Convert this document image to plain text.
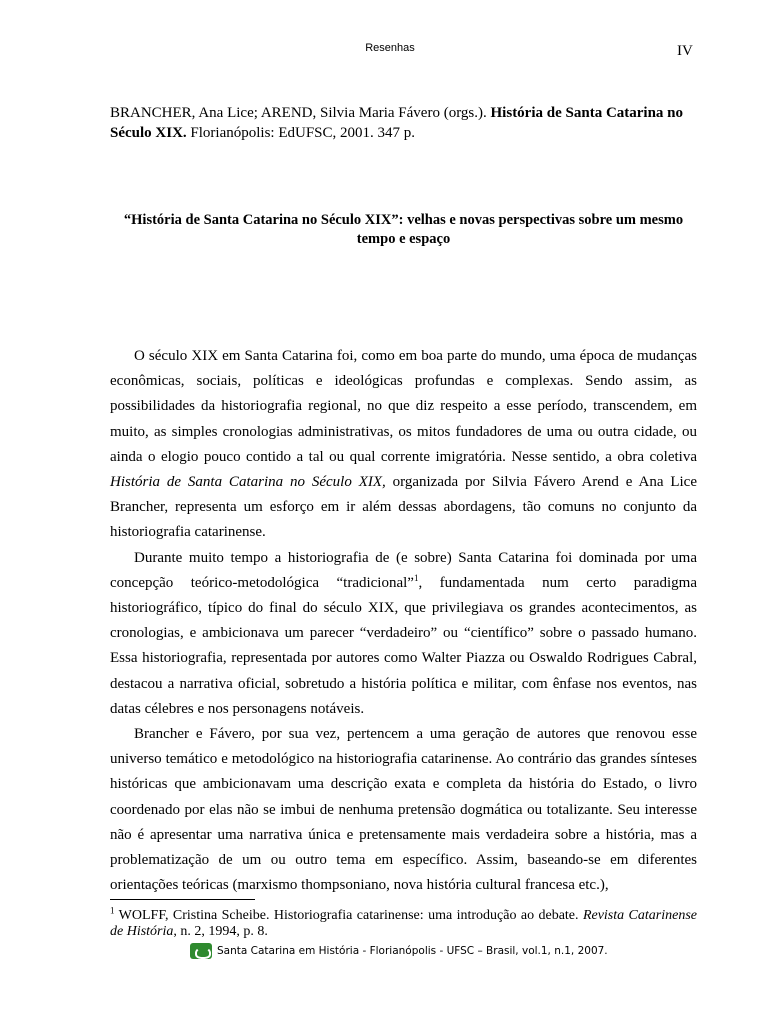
Resenhas	IV
BRANCHER, Ana Lice; AREND, Silvia Maria Fávero (orgs.). História de Santa Catarina no Século XIX. Florianópolis: EdUFSC, 2001. 347 p.
“História de Santa Catarina no Século XIX”: velhas e novas perspectivas sobre um mesmo tempo e espaço

O século XIX em Santa Catarina foi, como em boa parte do mundo, uma época de mudanças econômicas, sociais, políticas e ideológicas profundas e complexas. Sendo assim, as possibilidades da historiografia regional, no que diz respeito a esse período, transcendem, em muito, as simples cronologias administrativas, os mitos fundadores de uma ou outra cidade, ou ainda o elogio pouco contido a tal ou qual corrente imigratória. Nesse sentido, a obra coletiva História de Santa Catarina no Século XIX, organizada por Silvia Fávero Arend e Ana Lice Brancher, representa um esforço em ir além dessas abordagens, tão comuns no conjunto da historiografia catarinense.

Durante muito tempo a historiografia de (e sobre) Santa Catarina foi dominada por uma concepção teórico-metodológica “tradicional”$^1$, fundamentada num certo paradigma historiográfico, típico do final do século XIX, que privilegiava os grandes acontecimentos, as cronologias, e ambicionava um parecer “verdadeiro” ou “científico” sobre o passado humano. Essa historiografia, representada por autores como Walter Piazza ou Oswaldo Rodrigues Cabral, destacou a narrativa oficial, sobretudo a história política e militar, com ênfase nos eventos, nas datas célebres e nos personagens notáveis.

Brancher e Fávero, por sua vez, pertencem a uma geração de autores que renovou esse universo temático e metodológico na historiografia catarinense. Ao contrário das grandes sínteses históricas que ambicionavam uma descrição exata e completa da história do Estado, o livro coordenado por elas não se imbui de nenhuma pretensão dogmática ou totalizante. Seu interesse não é apresentar uma narrativa única e pretensamente mais verdadeira sobre a história, mas a problematização de um ou outro tema em específico. Assim, baseando-se em diferentes orientações teóricas (marxismo thompsoniano, nova história cultural francesa etc.),

$^1$ WOLFF, Cristina Scheibe. Historiografia catarinense: uma introdução ao debate. Revista Catarinense de História, n. 2, 1994, p. 8.
Santa Catarina em História - Florianópolis - UFSC – Brasil, vol.1, n.1, 2007.
